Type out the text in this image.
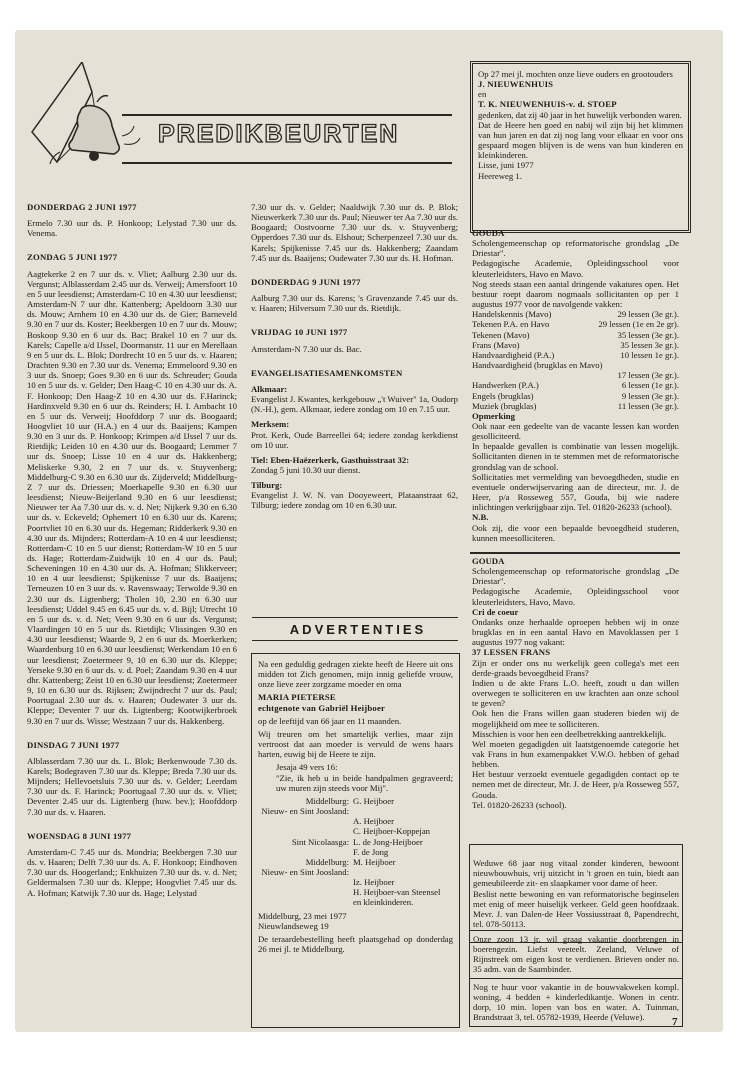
PREDIKBEURTEN

DONDERDAG 2 JUNI 1977

Ermelo 7.30 uur ds. P. Honkoop; Lelystad 7.30 uur ds. Venema.

ZONDAG 5 JUNI 1977

Aagtekerke 2 en 7 uur ds. v. Vliet; Aalburg 2.30 uur ds. Vergunst; Alblasserdam 2.45 uur ds. Verweij; Amersfoort 10 en 5 uur leesdienst; Amsterdam-C 10 en 4.30 uur leesdienst; Amsterdam-N 7 uur dhr. Kattenberg; Apeldoorn 3.30 uur ds. Mouw; Arnhem 10 en 4.30 uur ds. de Gier; Barneveld 9.30 en 7 uur ds. Koster; Beekbergen 10 en 7 uur ds. Mouw; Boskoop 9.30 en 6 uur ds. Bac; Brakel 10 en 7 uur ds. Karels; Capelle a/d IJssel, Doormanstr. 11 uur en Merellaan 9 en 5 uur ds. L. Blok; Dordrecht 10 en 5 uur ds. v. Haaren; Drachten 9.30 en 7.30 uur ds. Venema; Emmeloord 9.30 en 3 uur ds. Snoep; Goes 9.30 en 6 uur ds. Schreuder; Gouda 10 en 5 uur ds. v. Gelder; Den Haag-C 10 en 4.30 uur ds. A. F. Honkoop; Den Haag-Z 10 en 4.30 uur ds. F.Harinck; Hardinxveld 9.30 en 6 uur ds. Reinders; H. I. Ambacht 10 en 5 uur ds. Verweij; Hoofddorp 7 uur ds. Boogaard; Hoogvliet 10 uur (H.A.) en 4 uur ds. Baaijens; Kampen 9.30 en 3 uur ds. P. Honkoop; Krimpen a/d IJssel 7 uur ds. Rietdijk; Leiden 10 en 4.30 uur ds. Boogaard; Lemmer 7 uur ds. Snoep; Lisse 10 en 4 uur ds. Hakkenberg; Meliskerke 9.30, 2 en 7 uur ds. v. Stuyvenberg; Middelburg-C 9.30 en 6.30 uur ds. Zijderveld; Middelburg-Z 7 uur ds. Driessen; Moerkapelle 9.30 en 6.30 uur leesdienst; Nieuw-Beijerland 9.30 en 6 uur leesdienst; Nieuwer ter Aa 7.30 uur ds. v. d. Net; Nijkerk 9.30 en 6.30 uur ds. v. Eckeveld; Ophemert 10 en 6.30 uur ds. Karens; Poortvliet 10 en 6.30 uur ds. Hegeman; Ridderkerk 9.30 en 4.30 uur ds. Mijnders; Rotterdam-A 10 en 4 uur leesdienst; Rotterdam-C 10 en 5 uur dienst; Rotterdam-W 10 en 5 uur ds. Hage; Rotterdam-Zuidwijk 10 en 4 uur ds. Paul; Scheveningen 10 en 4.30 uur ds. A. Hofman; Slikkerveer; 10 en 4 uur leesdienst; Spijkenisse 7 uur ds. Baaijens; Terneuzen 10 en 3 uur ds. v. Ravenswaay; Terwolde 9.30 en 2.30 uur ds. Ligtenberg; Tholen 10, 2.30 en 6.30 uur leesdienst; Uddel 9.45 en 6.45 uur ds. v. d. Bijl; Utrecht 10 en 5 uur ds. v. d. Net; Veen 9.30 en 6 uur ds. Vergunst; Vlaardingen 10 en 5 uur ds. Rietdijk; Vlissingen 9.30 en 4.30 uur leesdienst; Waarde 9, 2 en 6 uur ds. Moerkerken; Waardenburg 10 en 6.30 uur leesdienst; Werkendam 10 en 6 uur leesdienst; Zoetermeer 9, 10 en 6.30 uur ds. Kleppe; Yerseke 9.30 en 6 uur ds. v. d. Poel; Zaandam 9.30 en 4 uur dhr. Kattenberg; Zeist 10 en 6.30 uur leesdienst; Zoetermeer 9, 10 en 6.30 uur ds. Rijksen; Zwijndrecht 7 uur ds. Paul; Poortugaal 2.30 uur ds. v. Haaren; Oudewater 3 uur ds. Kleppe; Deventer 7 uur ds. Ligtenberg; Kootwijkerbroek 9.30 en 7 uur ds. Wisse; Westzaan 7 uur ds. Hakkenberg.

DINSDAG 7 JUNI 1977

Alblasserdam 7.30 uur ds. L. Blok; Berkenwoude 7.30 ds. Karels; Bodegraven 7.30 uur ds. Kleppe; Breda 7.30 uur ds. Mijnders; Hellevoetsluis 7.30 uur ds. v. Gelder; Leerdam 7.30 uur ds. F. Harinck; Poortugaal 7.30 uur ds. v. Vliet; Deventer 2.45 uur ds. Ligtenberg (huw. bev.); Hoofddorp 7.30 uur ds. v. Haaren.

WOENSDAG 8 JUNI 1977

Amsterdam-C 7.45 uur ds. Mondria; Beekbergen 7.30 uur ds. v. Haaren; Delft 7.30 uur ds. A. F. Honkoop; Eindhoven 7.30 uur ds. Hoogerland;; Enkhuizen 7.30 uur ds. v. d. Net; Geldermalsen 7.30 uur ds. Kleppe; Hoogvliet 7.45 uur ds. A. Hofman; Katwijk 7.30 uur ds. Hage; Lelystad

7.30 uur ds. v. Gelder; Naaldwijk 7.30 uur ds. P. Blok; Nieuwerkerk 7.30 uur ds. Paul; Nieuwer ter Aa 7.30 uur ds. Boogaard; Oostvoorne 7.30 uur ds. v. Stuyvenberg; Opperdoes 7.30 uur ds. Elshout; Scherpenzeel 7.30 uur ds. Karels; Spijkenisse 7.45 uur ds. Hakkenberg; Zaandam 7.45 uur ds. Baaijens; Oudewater 7.30 uur ds. H. Hofman.

DONDERDAG 9 JUNI 1977

Aalburg 7.30 uur ds. Karens; 's Gravenzande 7.45 uur ds. v. Haaren; Hilversum 7.30 uur ds. Rietdijk.

VRIJDAG 10 JUNI 1977

Amsterdam-N 7.30 uur ds. Bac.

EVANGELISATIESAMENKOMSTEN

Alkmaar:

Evangelist J. Kwantes, kerkgebouw „'t Wuiver" 1a, Oudorp (N.-H.), gem. Alkmaar, iedere zondag om 10 en 7.15 uur.

Merksem:

Prot. Kerk, Oude Barreellei 64; iedere zondag kerkdienst om 10 uur.

Tiel: Eben-Haëzerkerk, Gasthuisstraat 32:

Zondag 5 juni 10.30 uur dienst.

Tilburg:

Evangelist J. W. N. van Dooyeweert, Plataanstraat 62, Tilburg; iedere zondag om 10 en 6.30 uur.

ADVERTENTIES

Na een geduldig gedragen ziekte heeft de Heere uit ons midden tot Zich genomen, mijn innig geliefde vrouw, onze lieve zeer zorgzame moeder en oma

MARIA PIETERSE

echtgenote van Gabriël Heijboer

op de leeftijd van 66 jaar en 11 maanden.

Wij treuren om het smartelijk verlies, maar zijn vertroost dat aan moeder is vervuld de wens haars harten, euwig bij de Heere te zijn.

Jesaja 49 vers 16:

"Zie, ik heb u in beide handpalmen gegraveerd; uw muren zijn steeds voor Mij".

Middelburg: G. Heijboer
Nieuw- en Sint Joosland:
A. Heijboer
C. Heijboer-Koppejan
Sint Nicolaasga: L. de Jong-Heijboer
F. de Jong
Middelburg: M. Heijboer
Nieuw- en Sint Joosland:
Iz. Heijboer
H. Heijboer-van Steensel
en kleinkinderen.

Middelburg, 23 mei 1977

Nieuwlandseweg 19

De teraardebestelling heeft plaatsgehad op donderdag 26 mei jl. te Middelburg.

Op 27 mei jl. mochten onze lieve ouders en grootouders

J. NIEUWENHUIS

en

T. K. NIEUWENHUIS-v. d. STOEP

gedenken, dat zij 40 jaar in het huwelijk verbonden waren.

Dat de Heere hen goed en nabij wil zijn bij het klimmen van hun jaren en dat zij nog lang voor elkaar en voor ons gespaard mogen blijven is de wens van hun kinderen en kleinkinderen.

Lisse, juni 1977

Heereweg 1.

GOUDA

Scholengemeenschap op reformatorische grondslag „De Driestar".

Pedagogische Academie, Opleidingsschool voor kleuterleidsters, Havo en Mavo.

Nog steeds staan een aantal dringende vakatures open. Het bestuur roept daarom nogmaals sollicitanten op per 1 augustus 1977 voor de navolgende vakken:

Handelskennis (Mavo)	29 lessen (3e gr.).
Tekenen P.A. en Havo	29 lessen (1e en 2e gr).
Tekenen (Mavo)	35 lessen (3e gr.).
Frans (Mavo)	35 lessen 3e gr.).
Handvaardigheid (P.A.)	10 lessen 1e gr.).
Handvaardigheid (brugklas en Mavo)
17 lessen (3e gr.).
Handwerken (P.A.)	6 lessen (1e gr.).
Engels (brugklas)	9 lessen (3e gr.).
Muziek (brugklas)	11 lessen (3e gr.).

Opmerking

Ook naar een gedeelte van de vacante lessen kan worden gesolliciteerd.

In bepaalde gevallen is combinatie van lessen mogelijk. Sollicitanten dienen in te stemmen met de reformatorische grondslag van de school.

Sollicitaties met vermelding van bevoegdheden, studie en eventuele onderwijservaring aan de directeur, mr. J. de Heer, p/a Rosseweg 557, Gouda, bij wie nadere inlichtingen verkrijgbaar zijn. Tel. 01820-26233 (school).

N.B.

Ook zij, die voor een bepaalde bevoegdheid studeren, kunnen meesolliciteren.

GOUDA

Scholengemeenschap op reformatorische grondslag „De Driestar".

Pedagogische Academie, Opleidingsschool voor kleuterleidsters, Havo, Mavo.

Cri de coeur

Ondanks onze herhaalde oproepen hebben wij in onze brugklas en in een aantal Havo en Mavoklassen per 1 augustus 1977 nog vakant:

37 LESSEN FRANS

Zijn er onder ons nu werkelijk geen collega's met een derde-graads bevoegdheid Frans?

Indien u de akte Frans L.O. heeft, zoudt u dan willen overwegen te solliciteren en uw krachten aan onze school te geven?

Ook hen die Frans willen gaan studeren bieden wij de mogelijkheid om mee te solliciteren.

Misschien is voor hen een deelbetrekking aantrekkelijk.

Wel moeten gegadigden uit laatstgenoemde categorie het vak Frans in hun examenpakket V.W.O. hebben of gehad hebben.

Het bestuur verzoekt eventuele gegadigden contact op te nemen met de directeur, Mr. J. de Heer, p/a Rosseweg 557, Gouda.

Tel. 01820-26233 (school).

Weduwe 68 jaar nog vitaal zonder kinderen, bewoont nieuwbouwhuis, vrij uitzicht in 't groen en tuin, biedt aan gemeubileerde zit- en slaapkamer voor dame of heer.
Beslist nette bewoning en van reformatorische beginselen met enig of meer huiselijk verkeer. Geld geen hoofdzaak. Mevr. J. van Dalen-de Heer Vossiusstraat 8, Papendrecht, tel. 078-50113.

Onze zoon 13 jr. wil graag vakantie doorbrengen in boerengezin. Liefst veeteelt. Zeeland, Veluwe of Rijnstreek om eigen kost te verdienen. Brieven onder no. 35 adm. van de Saambinder.

Nog te huur voor vakantie in de bouwvakweken kompl. woning, 4 bedden + kinderledikantje. Wonen in centr. dorp, 10 min. lopen van bos en water. A. Tuinman, Brandstraat 3, tel. 05782-1939, Heerde (Veluwe).	7
